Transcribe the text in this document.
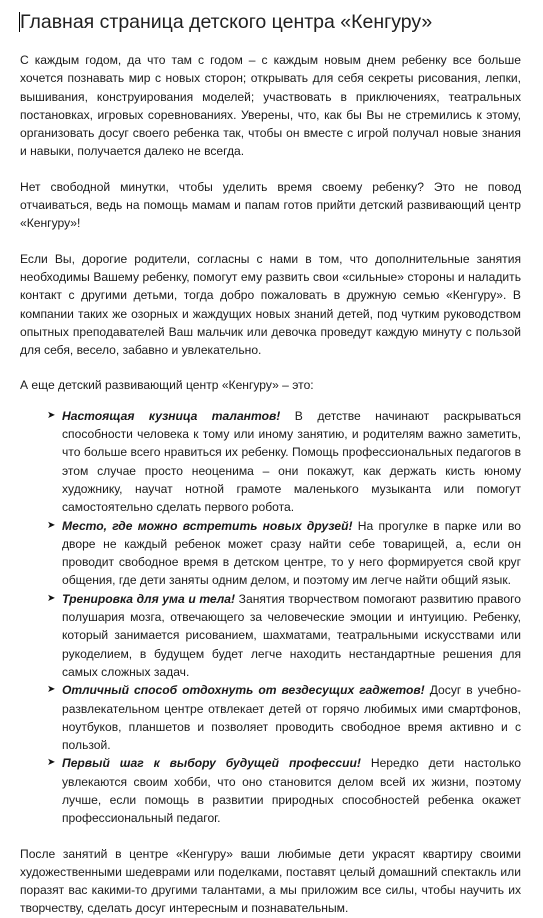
Главная страница детского центра «Кенгуру»

С каждым годом, да что там с годом – с каждым новым днем ребенку все больше хочется познавать мир с новых сторон; открывать для себя секреты рисования, лепки, вышивания, конструирования моделей; участвовать в приключениях, театральных постановках, игровых соревнованиях. Уверены, что, как бы Вы не стремились к этому, организовать досуг своего ребенка так, чтобы он вместе с игрой получал новые знания и навыки, получается далеко не всегда.

Нет свободной минутки, чтобы уделить время своему ребенку? Это не повод отчаиваться, ведь на помощь мамам и папам готов прийти детский развивающий центр «Кенгуру»!

Если Вы, дорогие родители, согласны с нами в том, что дополнительные занятия необходимы Вашему ребенку, помогут ему развить свои «сильные» стороны и наладить контакт с другими детьми, тогда добро пожаловать в дружную семью «Кенгуру». В компании таких же озорных и жаждущих новых знаний детей, под чутким руководством опытных преподавателей Ваш мальчик или девочка проведут каждую минуту с пользой для себя, весело, забавно и увлекательно.

А еще детский развивающий центр «Кенгуру» – это:

➤ Настоящая кузница талантов! В детстве начинают раскрываться способности человека к тому или иному занятию, и родителям важно заметить, что больше всего нравиться их ребенку. Помощь профессиональных педагогов в этом случае просто неоценима – они покажут, как держать кисть юному художнику, научат нотной грамоте маленького музыканта или помогут самостоятельно сделать первого робота.
➤ Место, где можно встретить новых друзей! На прогулке в парке или во дворе не каждый ребенок может сразу найти себе товарищей, а, если он проводит свободное время в детском центре, то у него формируется свой круг общения, где дети заняты одним делом, и поэтому им легче найти общий язык.
➤ Тренировка для ума и тела! Занятия творчеством помогают развитию правого полушария мозга, отвечающего за человеческие эмоции и интуицию. Ребенку, который занимается рисованием, шахматами, театральными искусствами или рукоделием, в будущем будет легче находить нестандартные решения для самых сложных задач.
➤ Отличный способ отдохнуть от вездесущих гаджетов! Досуг в учебно-развлекательном центре отвлекает детей от горячо любимых ими смартфонов, ноутбуков, планшетов и позволяет проводить свободное время активно и с пользой.
➤ Первый шаг к выбору будущей профессии! Нередко дети настолько увлекаются своим хобби, что оно становится делом всей их жизни, поэтому лучше, если помощь в развитии природных способностей ребенка окажет профессиональный педагог.

После занятий в центре «Кенгуру» ваши любимые дети украсят квартиру своими художественными шедеврами или поделками, поставят целый домашний спектакль или поразят вас какими-то другими талантами, а мы приложим все силы, чтобы научить их творчеству, сделать досуг интересным и познавательным.
